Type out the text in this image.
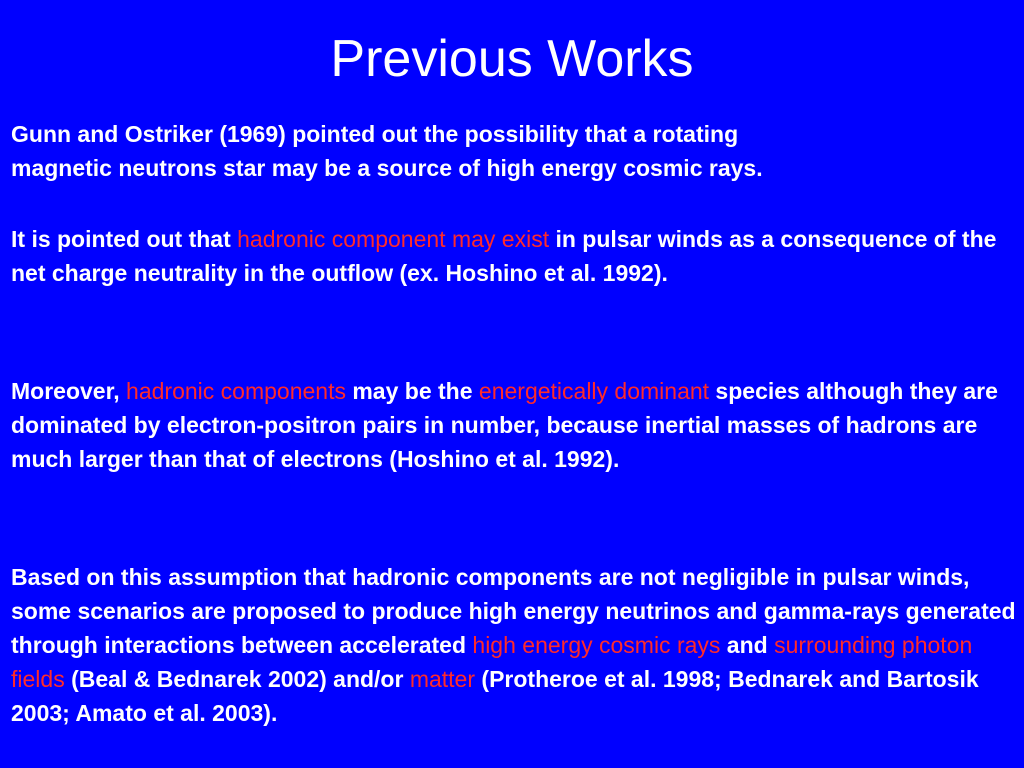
Previous Works

Gunn and Ostriker (1969) pointed out the possibility that a rotating
magnetic neutrons star may be a source of high energy cosmic rays.

It is pointed out that hadronic component may exist in pulsar winds as a consequence of the net charge neutrality in the outflow (ex. Hoshino et al. 1992).

Moreover, hadronic components may be the energetically dominant species although they are dominated by electron-positron pairs in number, because inertial masses of hadrons are much larger than that of electrons (Hoshino et al. 1992).

Based on this assumption that hadronic components are not negligible in pulsar winds, some scenarios are proposed to produce high energy neutrinos and gamma-rays generated through interactions between accelerated high energy cosmic rays and surrounding photon fields (Beal & Bednarek 2002) and/or matter (Protheroe et al. 1998; Bednarek and Bartosik 2003; Amato et al. 2003).
